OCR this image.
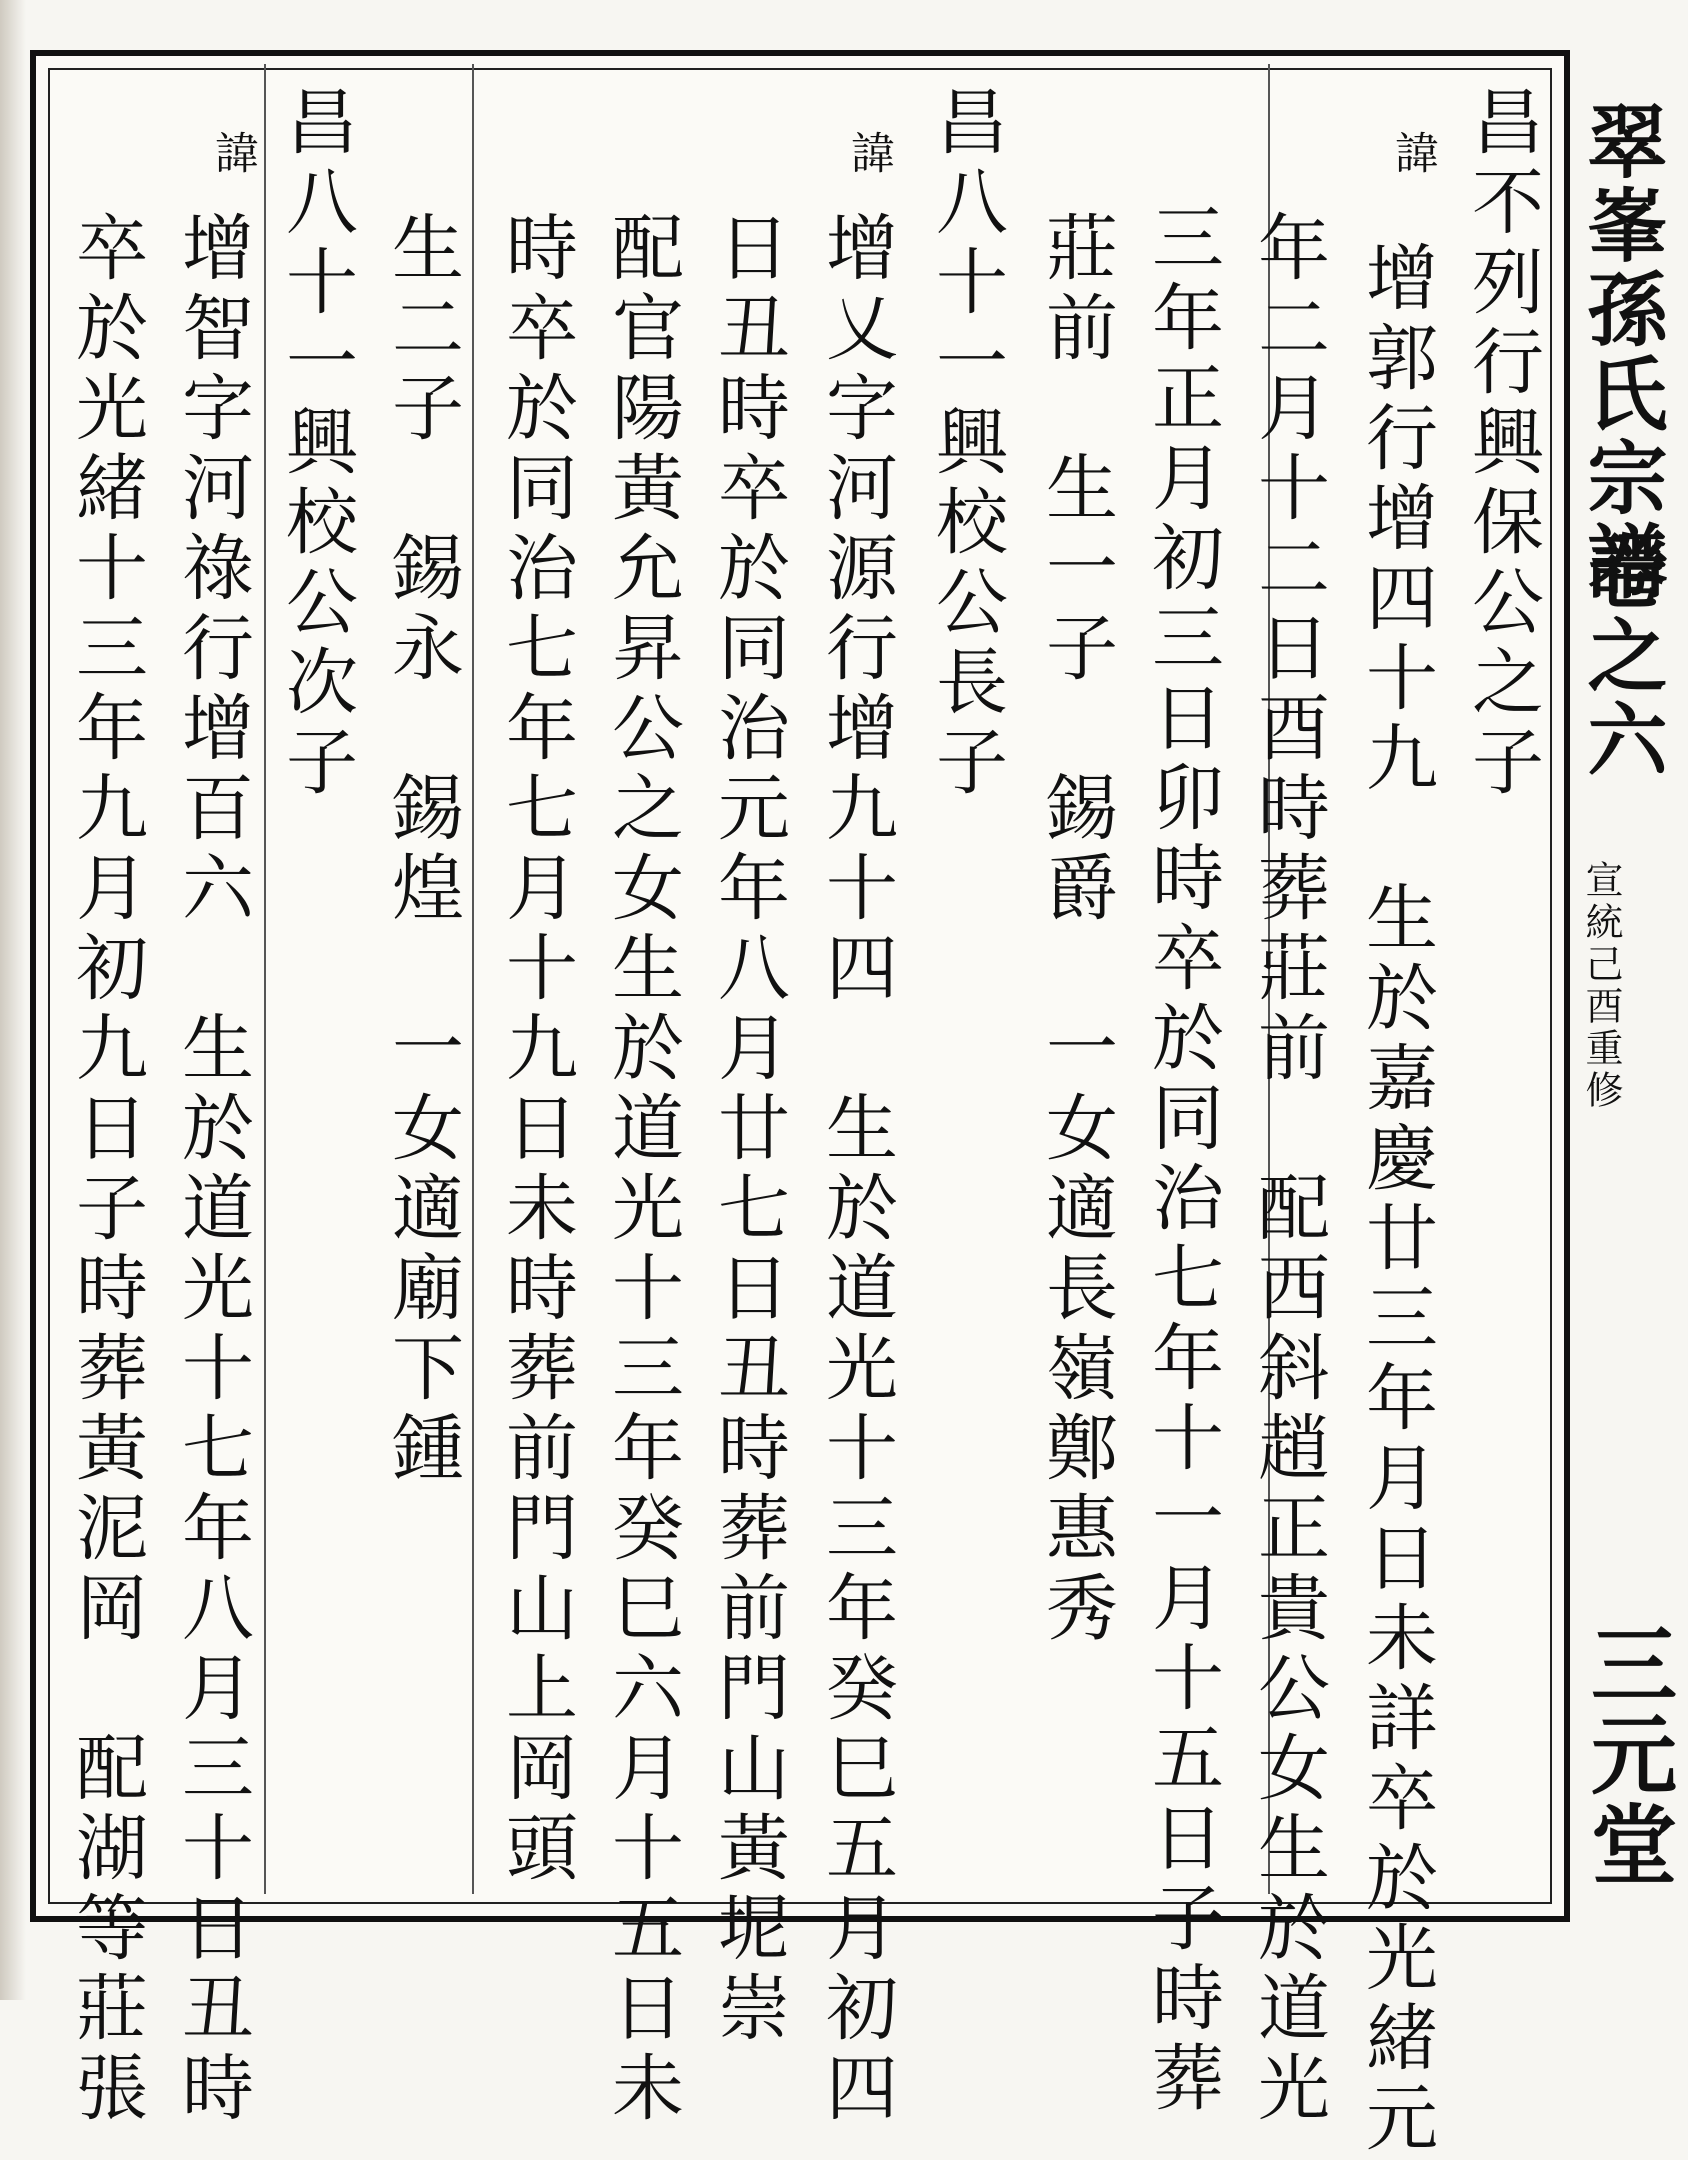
翠峯孫氏宗譜
卷之六
宣統己酉重修
三元堂
昌不列行興保公之子
諱
增郭行增四十九　生於嘉慶廿三年月日未詳卒於光緒元
年二月十二日酉時葬莊前　配西斜趙正貴公女生於道光
三年正月初三日卯時卒於同治七年十一月十五日子時葬
莊前　生一子　錫爵　一女適長嶺鄭惠秀
昌八十一興校公長子
諱
增乂字河源行增九十四　生於道光十三年癸巳五月初四
日丑時卒於同治元年八月廿七日丑時葬前門山黃坭崇
配官陽黃允昇公之女生於道光十三年癸巳六月十五日未
時卒於同治七年七月十九日未時葬前門山上岡頭
生二子　錫永　錫煌　一女適廟下鍾
昌八十一興校公次子
諱
增智字河祿行增百六　生於道光十七年八月三十日丑時
卒於光緒十三年九月初九日子時葬黃泥岡　配湖等莊張
